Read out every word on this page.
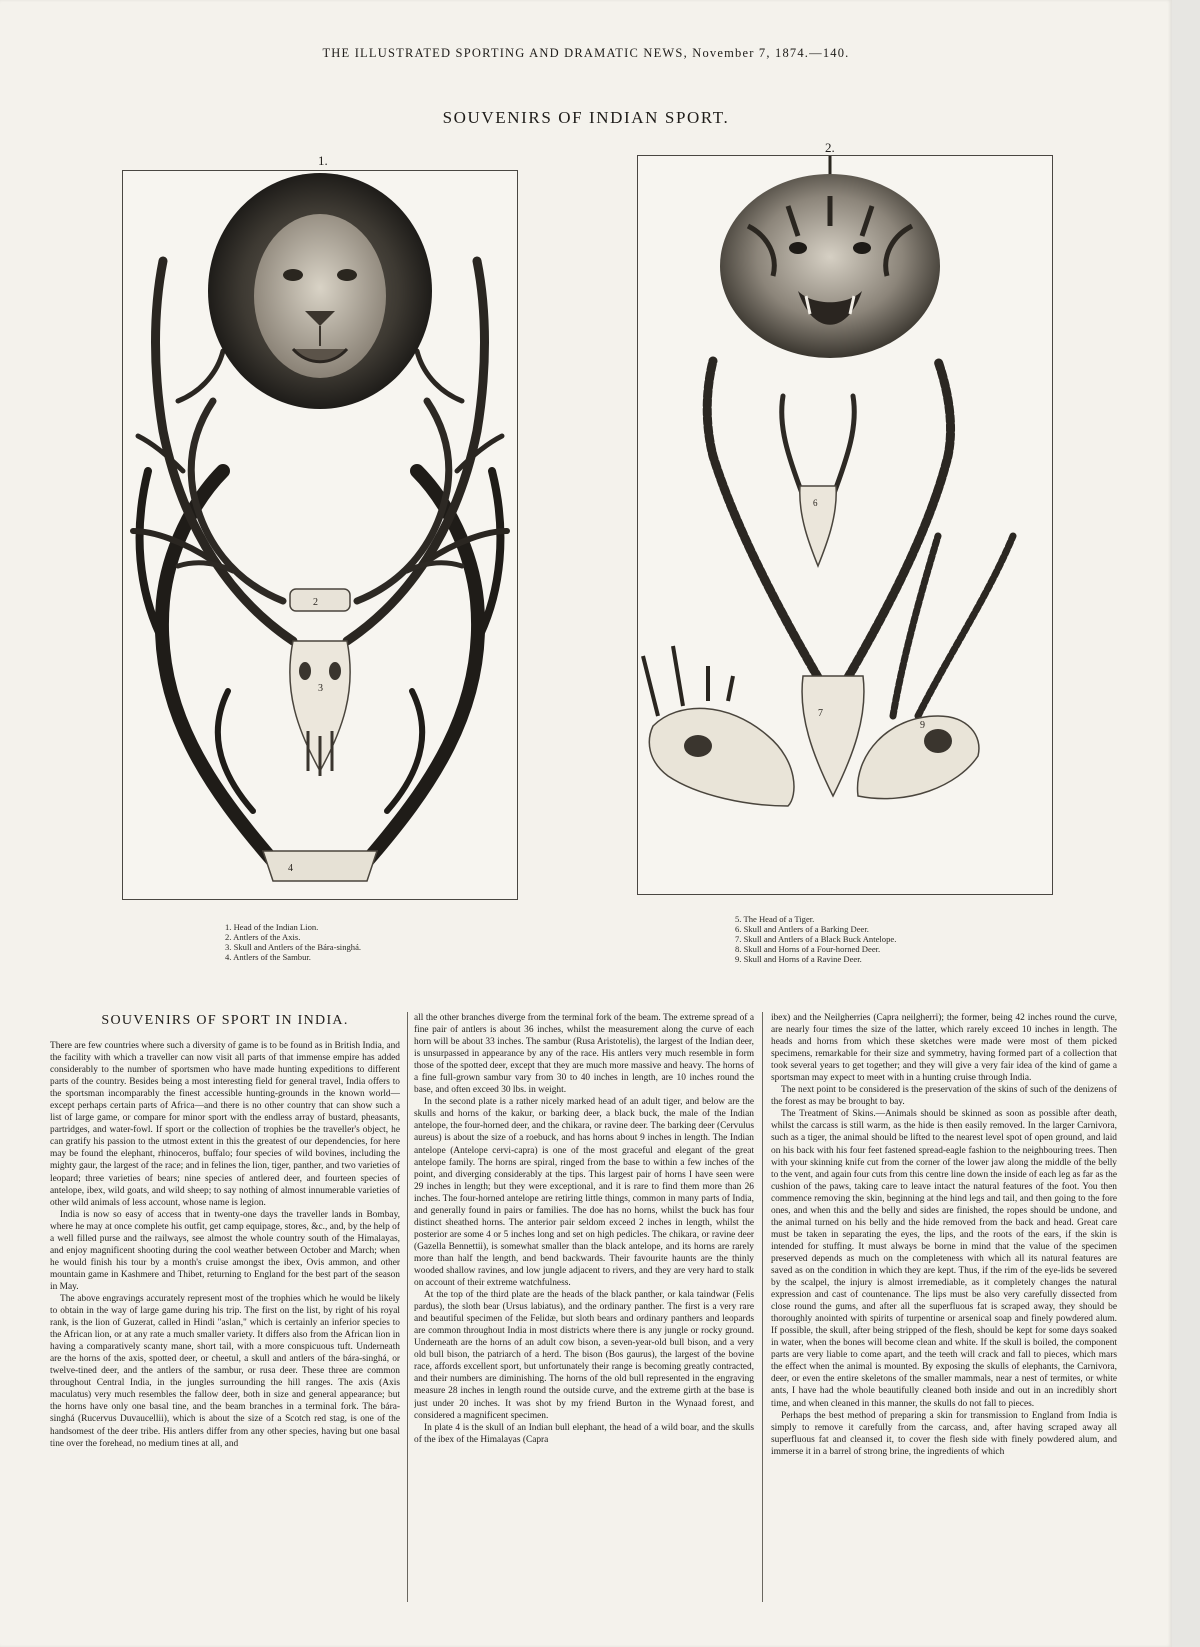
THE ILLUSTRATED SPORTING AND DRAMATIC NEWS, November 7, 1874.—140.
SOUVENIRS OF INDIAN SPORT.
1.
2
3
4
1. Head of the Indian Lion.
2. Antlers of the Axis.
3. Skull and Antlers of the Bára-singhá.
4. Antlers of the Sambur.
2.
7
6
9
5. The Head of a Tiger.
6. Skull and Antlers of a Barking Deer.
7. Skull and Antlers of a Black Buck Antelope.
8. Skull and Horns of a Four-horned Deer.
9. Skull and Horns of a Ravine Deer.
SOUVENIRS OF SPORT IN INDIA.

There are few countries where such a diversity of game is to be found as in British India, and the facility with which a traveller can now visit all parts of that immense empire has added considerably to the number of sportsmen who have made hunting expeditions to different parts of the country. Besides being a most interesting field for general travel, India offers to the sportsman incomparably the finest accessible hunting-grounds in the known world—except perhaps certain parts of Africa—and there is no other country that can show such a list of large game, or compare for minor sport with the endless array of bustard, pheasants, partridges, and water-fowl. If sport or the collection of trophies be the traveller's object, he can gratify his passion to the utmost extent in this the greatest of our dependencies, for here may be found the elephant, rhinoceros, buffalo; four species of wild bovines, including the mighty gaur, the largest of the race; and in felines the lion, tiger, panther, and two varieties of leopard; three varieties of bears; nine species of antlered deer, and fourteen species of antelope, ibex, wild goats, and wild sheep; to say nothing of almost innumerable varieties of other wild animals of less account, whose name is legion.

India is now so easy of access that in twenty-one days the traveller lands in Bombay, where he may at once complete his outfit, get camp equipage, stores, &c., and, by the help of a well filled purse and the railways, see almost the whole country south of the Himalayas, and enjoy magnificent shooting during the cool weather between October and March; when he would finish his tour by a month's cruise amongst the ibex, Ovis ammon, and other mountain game in Kashmere and Thibet, returning to England for the best part of the season in May.

The above engravings accurately represent most of the trophies which he would be likely to obtain in the way of large game during his trip. The first on the list, by right of his royal rank, is the lion of Guzerat, called in Hindi "aslan," which is certainly an inferior species to the African lion, or at any rate a much smaller variety. It differs also from the African lion in having a comparatively scanty mane, short tail, with a more conspicuous tuft. Underneath are the horns of the axis, spotted deer, or cheetul, a skull and antlers of the bára-singhá, or twelve-tined deer, and the antlers of the sambur, or rusa deer. These three are common throughout Central India, in the jungles surrounding the hill ranges. The axis (Axis maculatus) very much resembles the fallow deer, both in size and general appearance; but the horns have only one basal tine, and the beam branches in a terminal fork. The bára-singhá (Rucervus Duvaucellii), which is about the size of a Scotch red stag, is one of the handsomest of the deer tribe. His antlers differ from any other species, having but one basal tine over the forehead, no medium tines at all, and

all the other branches diverge from the terminal fork of the beam. The extreme spread of a fine pair of antlers is about 36 inches, whilst the measurement along the curve of each horn will be about 33 inches. The sambur (Rusa Aristotelis), the largest of the Indian deer, is unsurpassed in appearance by any of the race. His antlers very much resemble in form those of the spotted deer, except that they are much more massive and heavy. The horns of a fine full-grown sambur vary from 30 to 40 inches in length, are 10 inches round the base, and often exceed 30 lbs. in weight.

In the second plate is a rather nicely marked head of an adult tiger, and below are the skulls and horns of the kakur, or barking deer, a black buck, the male of the Indian antelope, the four-horned deer, and the chikara, or ravine deer. The barking deer (Cervulus aureus) is about the size of a roebuck, and has horns about 9 inches in length. The Indian antelope (Antelope cervi-capra) is one of the most graceful and elegant of the great antelope family. The horns are spiral, ringed from the base to within a few inches of the point, and diverging considerably at the tips. This largest pair of horns I have seen were 29 inches in length; but they were exceptional, and it is rare to find them more than 26 inches. The four-horned antelope are retiring little things, common in many parts of India, and generally found in pairs or families. The doe has no horns, whilst the buck has four distinct sheathed horns. The anterior pair seldom exceed 2 inches in length, whilst the posterior are some 4 or 5 inches long and set on high pedicles. The chikara, or ravine deer (Gazella Bennettii), is somewhat smaller than the black antelope, and its horns are rarely more than half the length, and bend backwards. Their favourite haunts are the thinly wooded shallow ravines, and low jungle adjacent to rivers, and they are very hard to stalk on account of their extreme watchfulness.

At the top of the third plate are the heads of the black panther, or kala taindwar (Felis pardus), the sloth bear (Ursus labiatus), and the ordinary panther. The first is a very rare and beautiful specimen of the Felidæ, but sloth bears and ordinary panthers and leopards are common throughout India in most districts where there is any jungle or rocky ground. Underneath are the horns of an adult cow bison, a seven-year-old bull bison, and a very old bull bison, the patriarch of a herd. The bison (Bos gaurus), the largest of the bovine race, affords excellent sport, but unfortunately their range is becoming greatly contracted, and their numbers are diminishing. The horns of the old bull represented in the engraving measure 28 inches in length round the outside curve, and the extreme girth at the base is just under 20 inches. It was shot by my friend Burton in the Wynaad forest, and considered a magnificent specimen.

In plate 4 is the skull of an Indian bull elephant, the head of a wild boar, and the skulls of the ibex of the Himalayas (Capra

ibex) and the Neilgherries (Capra neilgherri); the former, being 42 inches round the curve, are nearly four times the size of the latter, which rarely exceed 10 inches in length. The heads and horns from which these sketches were made were most of them picked specimens, remarkable for their size and symmetry, having formed part of a collection that took several years to get together; and they will give a very fair idea of the kind of game a sportsman may expect to meet with in a hunting cruise through India.

The next point to be considered is the preservation of the skins of such of the denizens of the forest as may be brought to bay.

The Treatment of Skins.—Animals should be skinned as soon as possible after death, whilst the carcass is still warm, as the hide is then easily removed. In the larger Carnivora, such as a tiger, the animal should be lifted to the nearest level spot of open ground, and laid on his back with his four feet fastened spread-eagle fashion to the neighbouring trees. Then with your skinning knife cut from the corner of the lower jaw along the middle of the belly to the vent, and again four cuts from this centre line down the inside of each leg as far as the cushion of the paws, taking care to leave intact the natural features of the foot. You then commence removing the skin, beginning at the hind legs and tail, and then going to the fore ones, and when this and the belly and sides are finished, the ropes should be undone, and the animal turned on his belly and the hide removed from the back and head. Great care must be taken in separating the eyes, the lips, and the roots of the ears, if the skin is intended for stuffing. It must always be borne in mind that the value of the specimen preserved depends as much on the completeness with which all its natural features are saved as on the condition in which they are kept. Thus, if the rim of the eye-lids be severed by the scalpel, the injury is almost irremediable, as it completely changes the natural expression and cast of countenance. The lips must be also very carefully dissected from close round the gums, and after all the superfluous fat is scraped away, they should be thoroughly anointed with spirits of turpentine or arsenical soap and finely powdered alum. If possible, the skull, after being stripped of the flesh, should be kept for some days soaked in water, when the bones will become clean and white. If the skull is boiled, the component parts are very liable to come apart, and the teeth will crack and fall to pieces, which mars the effect when the animal is mounted. By exposing the skulls of elephants, the Carnivora, deer, or even the entire skeletons of the smaller mammals, near a nest of termites, or white ants, I have had the whole beautifully cleaned both inside and out in an incredibly short time, and when cleaned in this manner, the skulls do not fall to pieces.

Perhaps the best method of preparing a skin for transmission to England from India is simply to remove it carefully from the carcass, and, after having scraped away all superfluous fat and cleansed it, to cover the flesh side with finely powdered alum, and immerse it in a barrel of strong brine, the ingredients of which
